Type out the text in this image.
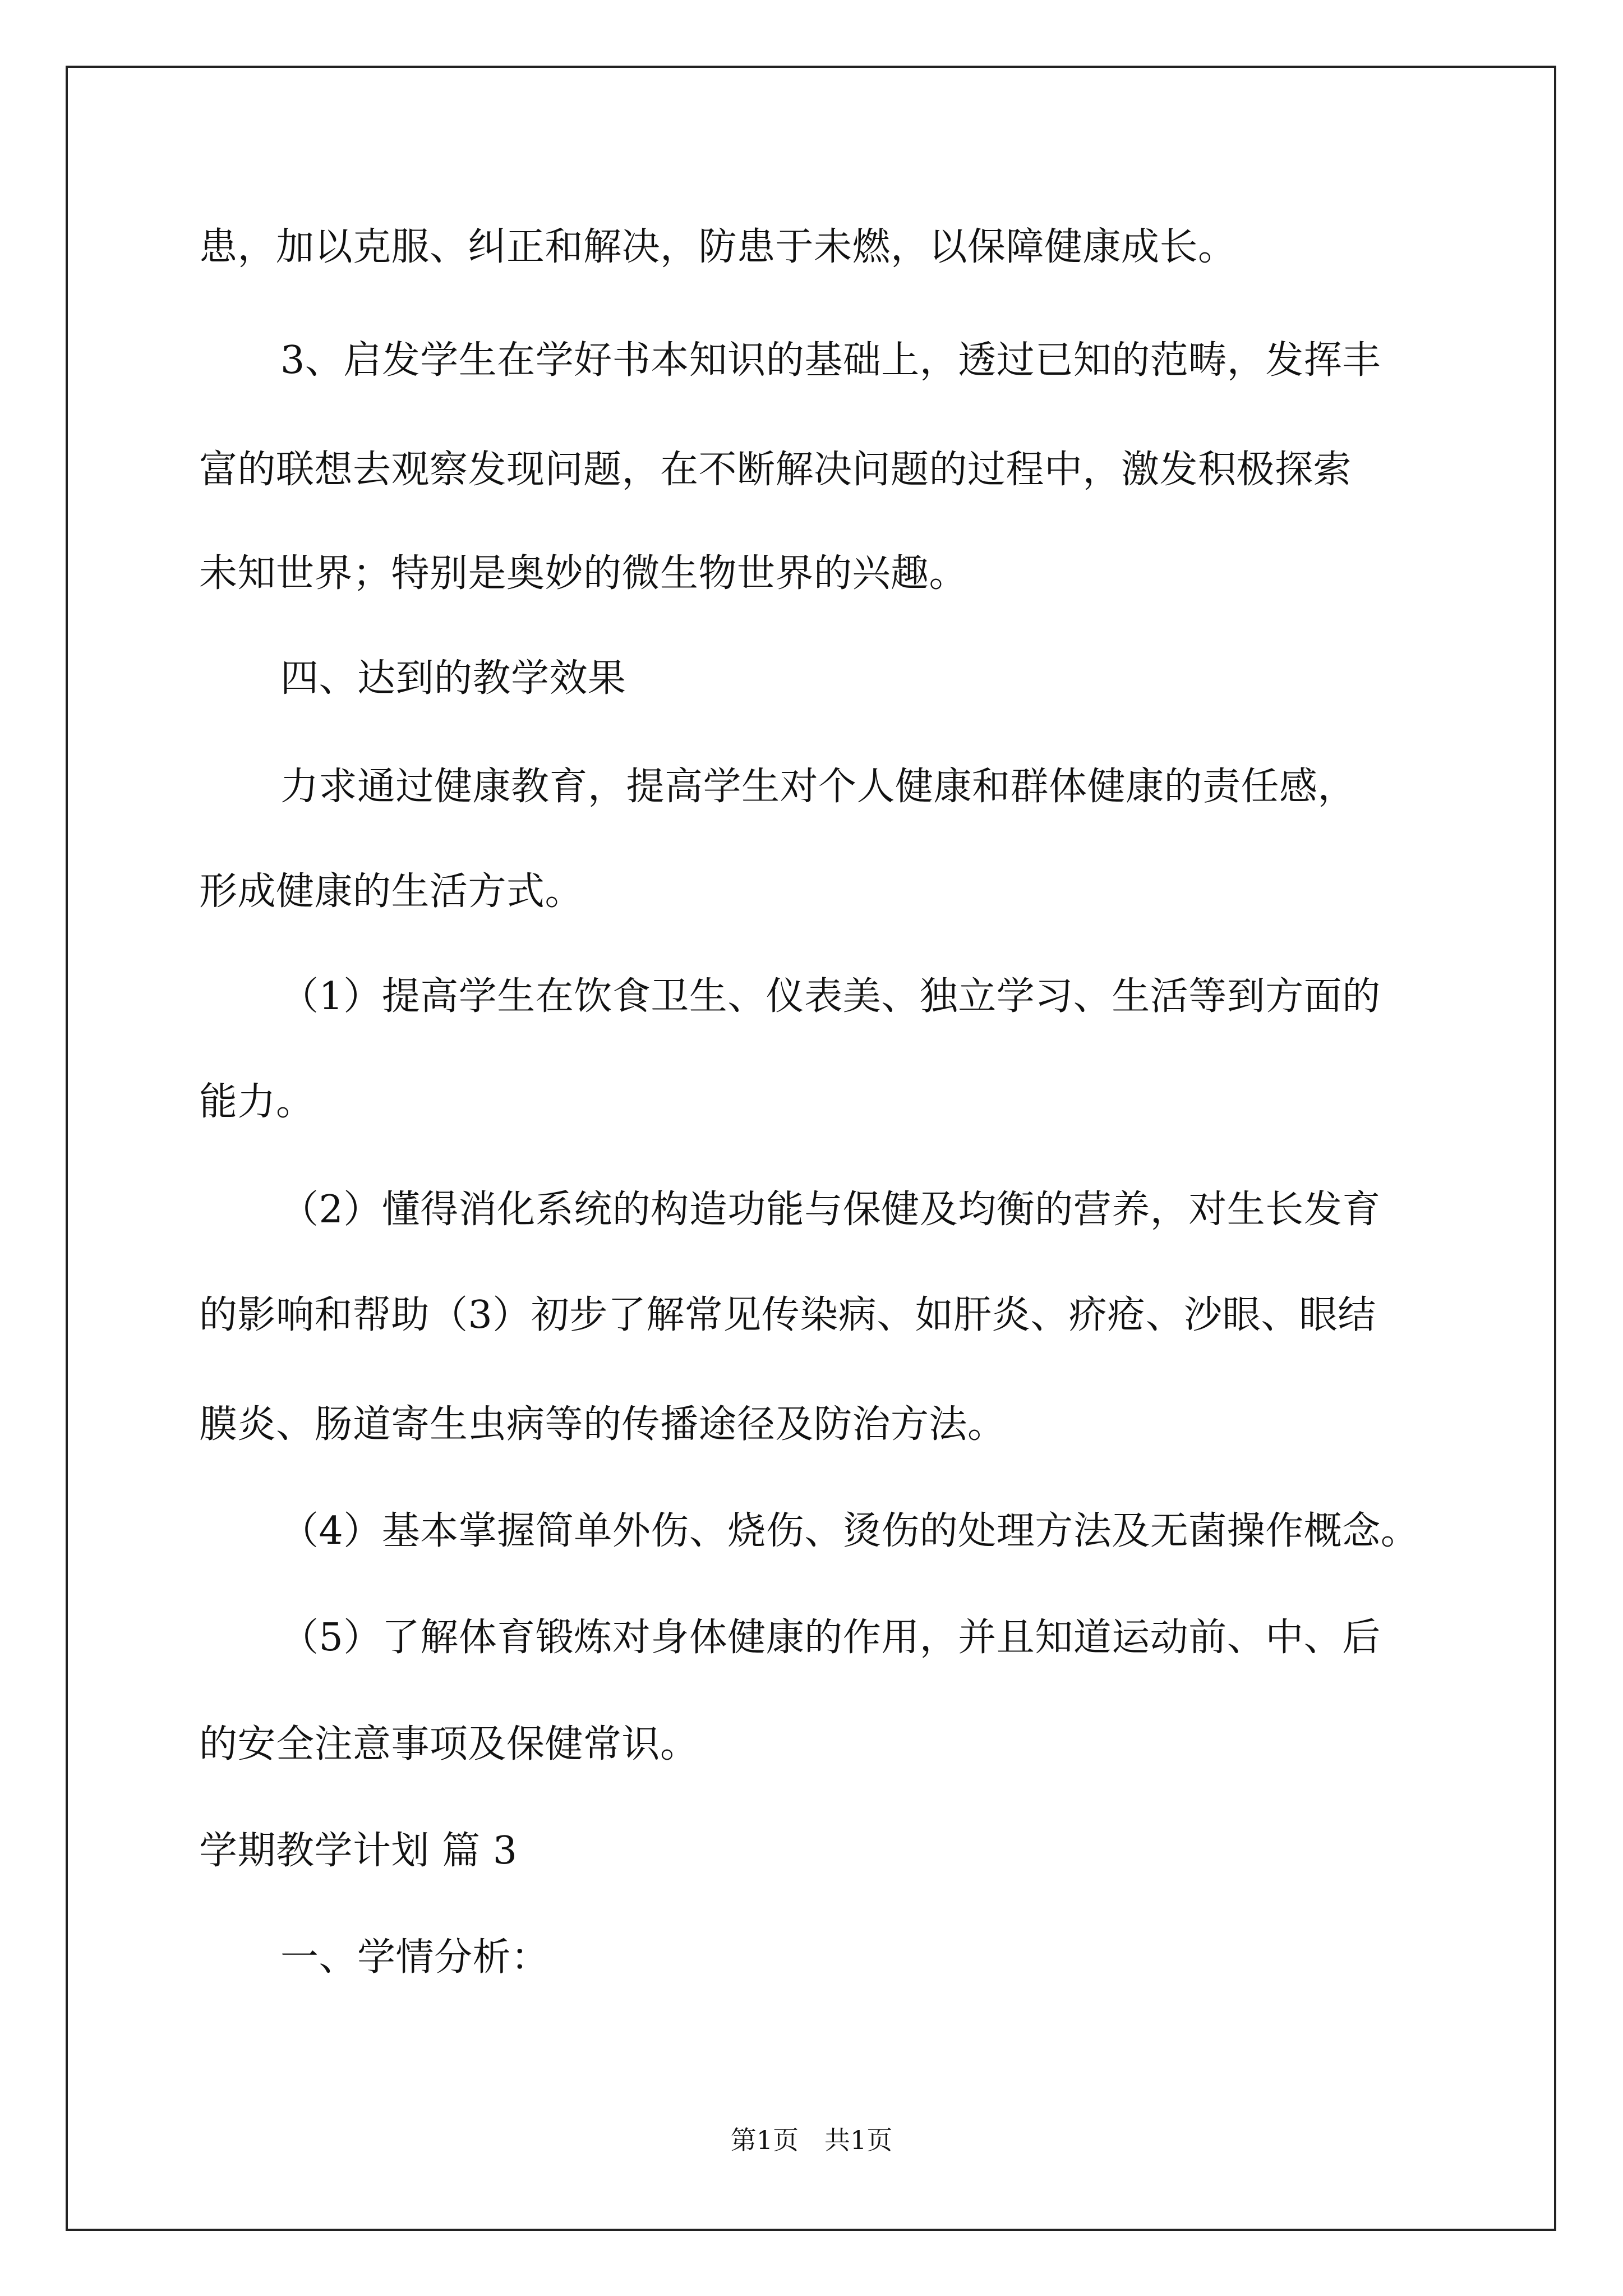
患，加以克服、纠正和解决，防患于未燃，以保障健康成长。
3、启发学生在学好书本知识的基础上，透过已知的范畴，发挥丰
富的联想去观察发现问题，在不断解决问题的过程中，激发积极探索
未知世界；特别是奥妙的微生物世界的兴趣。
四、达到的教学效果
力求通过健康教育，提高学生对个人健康和群体健康的责任感，
形成健康的生活方式。
（1）提高学生在饮食卫生、仪表美、独立学习、生活等到方面的
能力。
（2）懂得消化系统的构造功能与保健及均衡的营养，对生长发育
的影响和帮助（3）初步了解常见传染病、如肝炎、疥疮、沙眼、眼结
膜炎、肠道寄生虫病等的传播途径及防治方法。
（4）基本掌握简单外伤、烧伤、烫伤的处理方法及无菌操作概念。
（5）了解体育锻炼对身体健康的作用，并且知道运动前、中、后
的安全注意事项及保健常识。
学期教学计划 篇 3
一、学情分析：
第1页　共1页
